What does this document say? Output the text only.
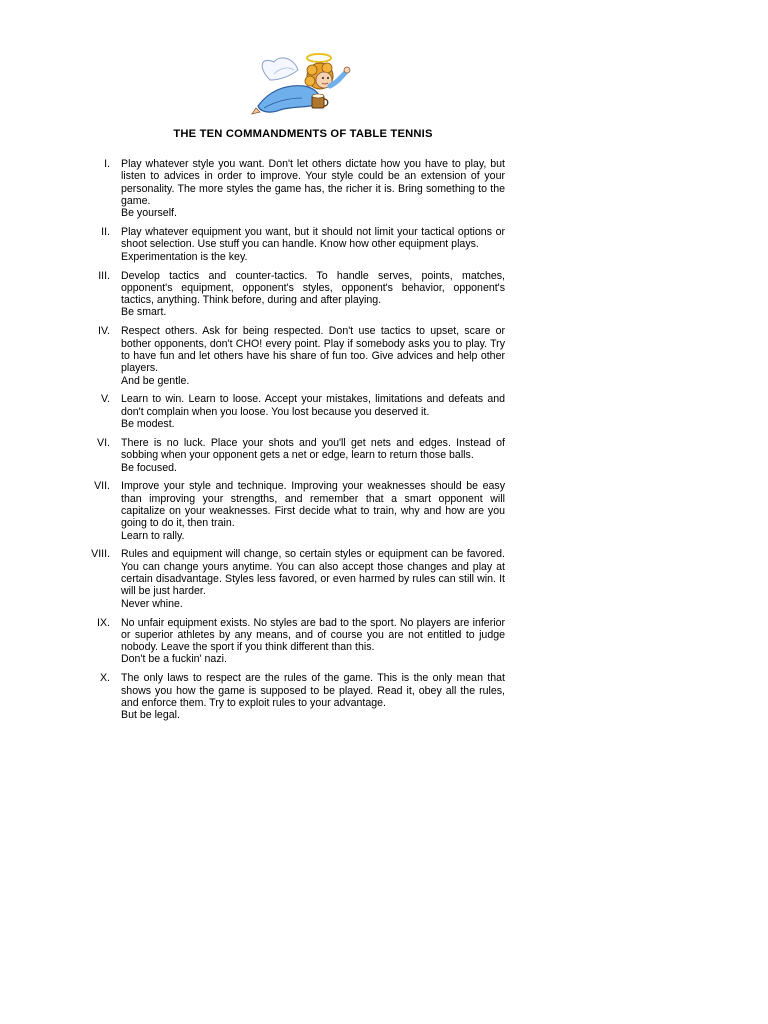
THE TEN COMMANDMENTS OF TABLE TENNIS
I.	Play whatever style you want. Don't let others dictate how you have to play, but listen to advices in order to improve. Your style could be an extension of your personality. The more styles the game has, the richer it is. Bring something to the game.
Be yourself.
II.	Play whatever equipment you want, but it should not limit your tactical options or shoot selection. Use stuff you can handle. Know how other equipment plays.
Experimentation is the key.
III.	Develop tactics and counter-tactics. To handle serves, points, matches, opponent's equipment, opponent's styles, opponent's behavior, opponent's tactics, anything. Think before, during and after playing.
Be smart.
IV.	Respect others. Ask for being respected. Don't use tactics to upset, scare or bother opponents, don't CHO! every point. Play if somebody asks you to play. Try to have fun and let others have his share of fun too. Give advices and help other players.
And be gentle.
V.	Learn to win. Learn to loose. Accept your mistakes, limitations and defeats and don't complain when you loose. You lost because you deserved it.
Be modest.
VI.	There is no luck. Place your shots and you'll get nets and edges. Instead of sobbing when your opponent gets a net or edge, learn to return those balls.
Be focused.
VII.	Improve your style and technique. Improving your weaknesses should be easy than improving your strengths, and remember that a smart opponent will capitalize on your weaknesses. First decide what to train, why and how are you going to do it, then train.
Learn to rally.
VIII.	Rules and equipment will change, so certain styles or equipment can be favored. You can change yours anytime. You can also accept those changes and play at certain disadvantage. Styles less favored, or even harmed by rules can still win. It will be just harder.
Never whine.
IX.	No unfair equipment exists. No styles are bad to the sport. No players are inferior or superior athletes by any means, and of course you are not entitled to judge nobody. Leave the sport if you think different than this.
Don't be a fuckin' nazi.
X.	The only laws to respect are the rules of the game. This is the only mean that shows you how the game is supposed to be played. Read it, obey all the rules, and enforce them. Try to exploit rules to your advantage.
But be legal.
